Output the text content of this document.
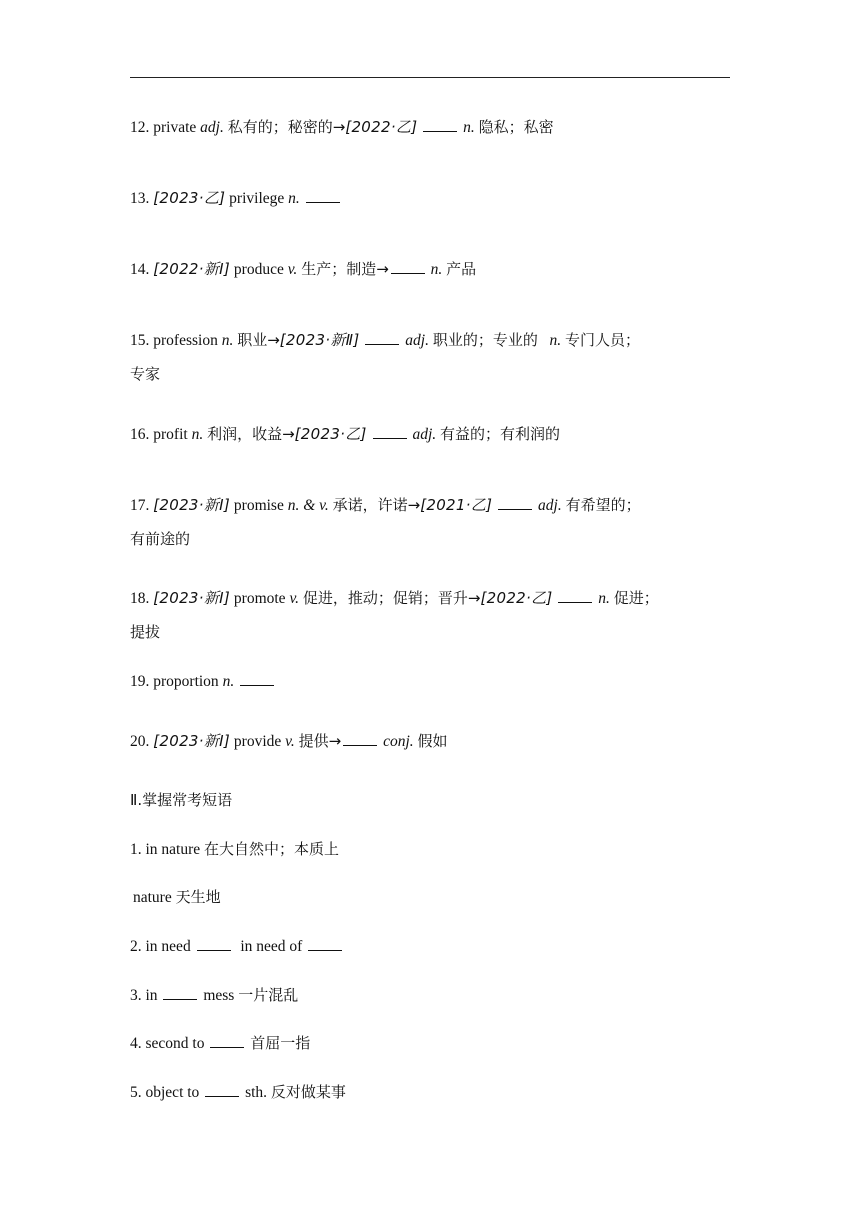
12. private adj. 私有的；秘密的→[2022·乙]	n. 隐私；私密
13. [2023·乙] privilege n.
14. [2022·新Ⅰ] produce v. 生产；制造→	n. 产品
15. profession n. 职业→[2023·新Ⅱ]	adj. 职业的；专业的 n. 专门人员；
专家
16. profit n. 利润，收益→[2023·乙]	adj. 有益的；有利润的
17. [2023·新Ⅰ] promise n. & v. 承诺，许诺→[2021·乙]	adj. 有希望的；
有前途的
18. [2023·新Ⅰ] promote v. 促进，推动；促销；晋升→[2022·乙]	n. 促进；
提拔
19. proportion n.
20. [2023·新Ⅰ] provide v. 提供→	conj. 假如
Ⅱ.掌握常考短语
1. in nature 在大自然中；本质上
nature 天生地
2. in need	in need of
3. in	mess 一片混乱
4. second to	首屈一指
5. object to	sth. 反对做某事
